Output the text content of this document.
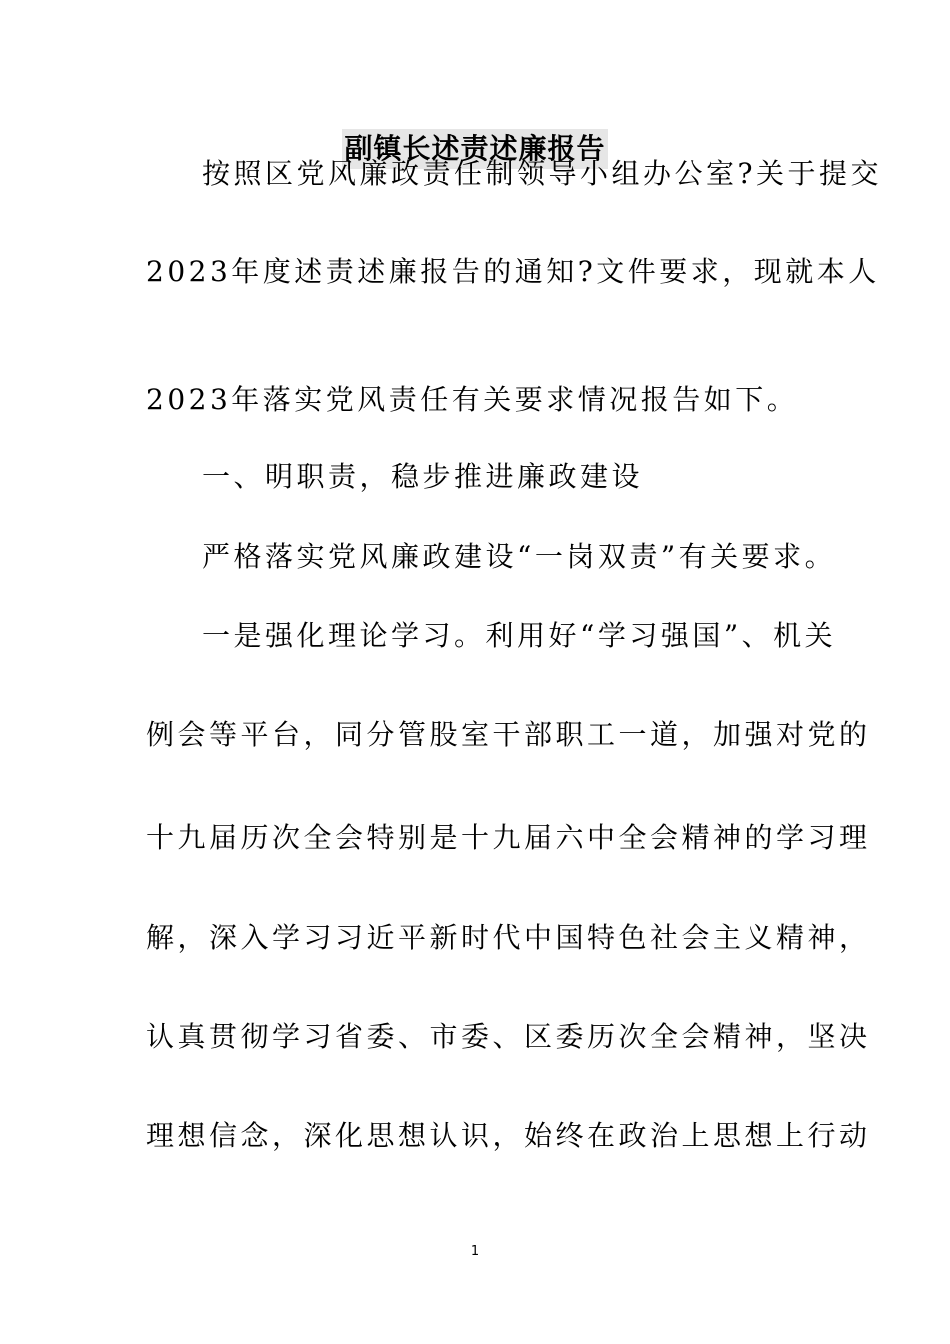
副镇长述责述廉报告

按照区党风廉政责任制领导小组办公室?关于提交

2023年度述责述廉报告的通知?文件要求，现就本人

2023年落实党风责任有关要求情况报告如下。

一、明职责，稳步推进廉政建设

严格落实党风廉政建设“一岗双责”有关要求。

一是强化理论学习。利用好“学习强国”、机关

例会等平台，同分管股室干部职工一道，加强对党的

十九届历次全会特别是十九届六中全会精神的学习理

解，深入学习习近平新时代中国特色社会主义精神，

认真贯彻学习省委、市委、区委历次全会精神，坚决

理想信念，深化思想认识，始终在政治上思想上行动

1
